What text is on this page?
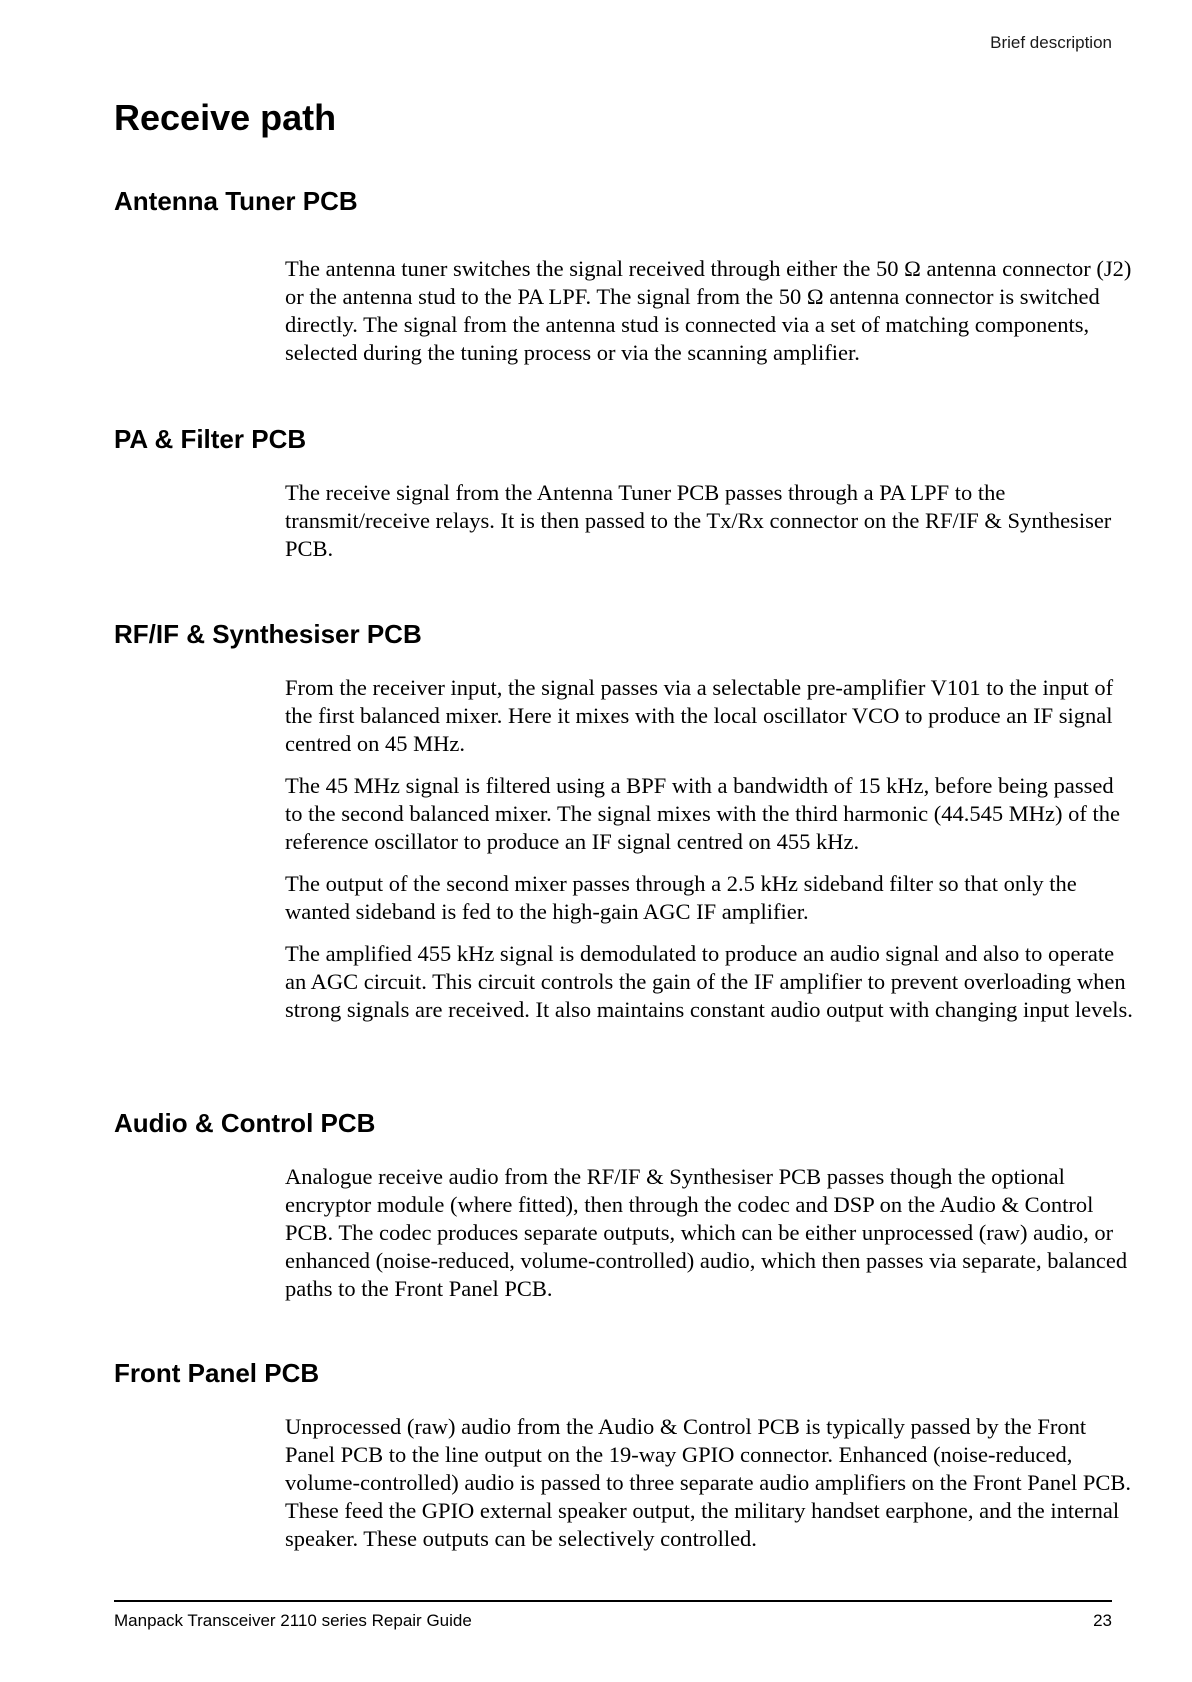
Brief description
Receive path
Antenna Tuner PCB

The antenna tuner switches the signal received through either the 50 Ω antenna connector (J2) or the antenna stud to the PA LPF. The signal from the 50 Ω antenna connector is switched directly. The signal from the antenna stud is connected via a set of matching components, selected during the tuning process or via the scanning amplifier.

PA & Filter PCB

The receive signal from the Antenna Tuner PCB passes through a PA LPF to the transmit/receive relays. It is then passed to the Tx/Rx connector on the RF/IF & Synthesiser PCB.

RF/IF & Synthesiser PCB

From the receiver input, the signal passes via a selectable pre-amplifier V101 to the input of the first balanced mixer. Here it mixes with the local oscillator VCO to produce an IF signal centred on 45 MHz.

The 45 MHz signal is filtered using a BPF with a bandwidth of 15 kHz, before being passed to the second balanced mixer. The signal mixes with the third harmonic (44.545 MHz) of the reference oscillator to produce an IF signal centred on 455 kHz.

The output of the second mixer passes through a 2.5 kHz sideband filter so that only the wanted sideband is fed to the high-gain AGC IF amplifier.

The amplified 455 kHz signal is demodulated to produce an audio signal and also to operate an AGC circuit. This circuit controls the gain of the IF amplifier to prevent overloading when strong signals are received. It also maintains constant audio output with changing input levels.

Audio & Control PCB

Analogue receive audio from the RF/IF & Synthesiser PCB passes though the optional encryptor module (where fitted), then through the codec and DSP on the Audio & Control PCB. The codec produces separate outputs, which can be either unprocessed (raw) audio, or enhanced (noise-reduced, volume-controlled) audio, which then passes via separate, balanced paths to the Front Panel PCB.

Front Panel PCB

Unprocessed (raw) audio from the Audio & Control PCB is typically passed by the Front Panel PCB to the line output on the 19-way GPIO connector. Enhanced (noise-reduced, volume-controlled) audio is passed to three separate audio amplifiers on the Front Panel PCB. These feed the GPIO external speaker output, the military handset earphone, and the internal speaker. These outputs can be selectively controlled.

Manpack Transceiver 2110 series Repair Guide	23
